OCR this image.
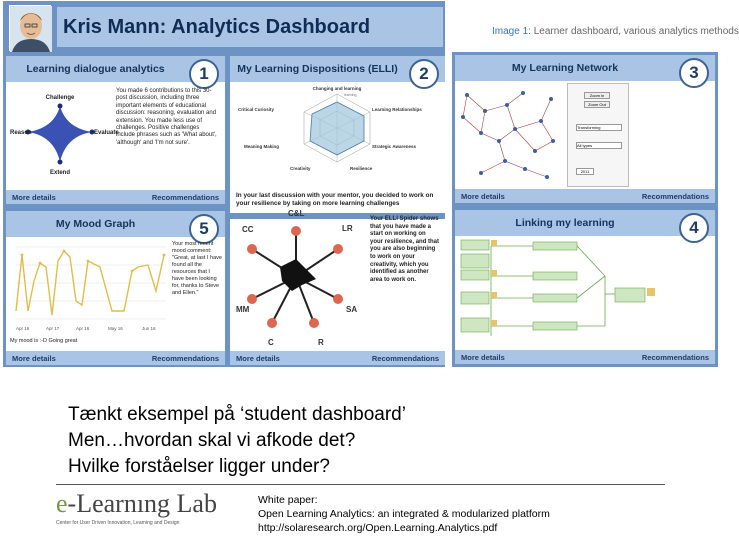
Kris Mann: Analytics Dashboard
Learning dialogue analytics	1
Challenge
Reason	Evaluate
Extend
You made 6 contributions to this 30-post discussion, including three important elements of educational discussion: reasoning, evaluation and extension. You made less use of challenges. Positive challenges include phrases such as 'What about', 'although' and 'I'm not sure'.
More details	Recommendations
My Learning Dispositions (ELLI)	2
Changing and learning
Learning Relationships
Strategic Awareness
Resilience
Creativity
Meaning Making
Critical Curiosity
learning
In your last discussion with your mentor, you decided to work on your resilience by taking on more learning challenges
C&L
LR
SA
R
C
MM
CC
Your ELLI Spider shows that you have made a start on working on your resilience, and that you are also beginning to work on your creativity, which you identified as another area to work on.
More details	Recommendations
My Mood Graph	5
Apr 16	Apr 17	Apr 16	May 16	Jun 16
Your most recent mood comment: "Great, at last I have found all the resources that I have been looking for, thanks to Steve and Ellen."
My mood is :-D Going great
More details	Recommendations
My Learning Network	3
Zoom in
Zoom Out
Transforming
All types
2011
More details	Recommendations
Linking my learning	4
More details	Recommendations
Image 1: Learner dashboard, various analytics methods
Tænkt eksempel på ‘student dashboard’
Men…hvordan skal vi afkode det?
Hvilke forståelser ligger under?
e-Learnıng Lab
Center for User Driven Innovation, Learning and Design
White paper:
Open Learning Analytics: an integrated & modularized platform
http://solaresearch.org/Open.Learning.Analytics.pdf
